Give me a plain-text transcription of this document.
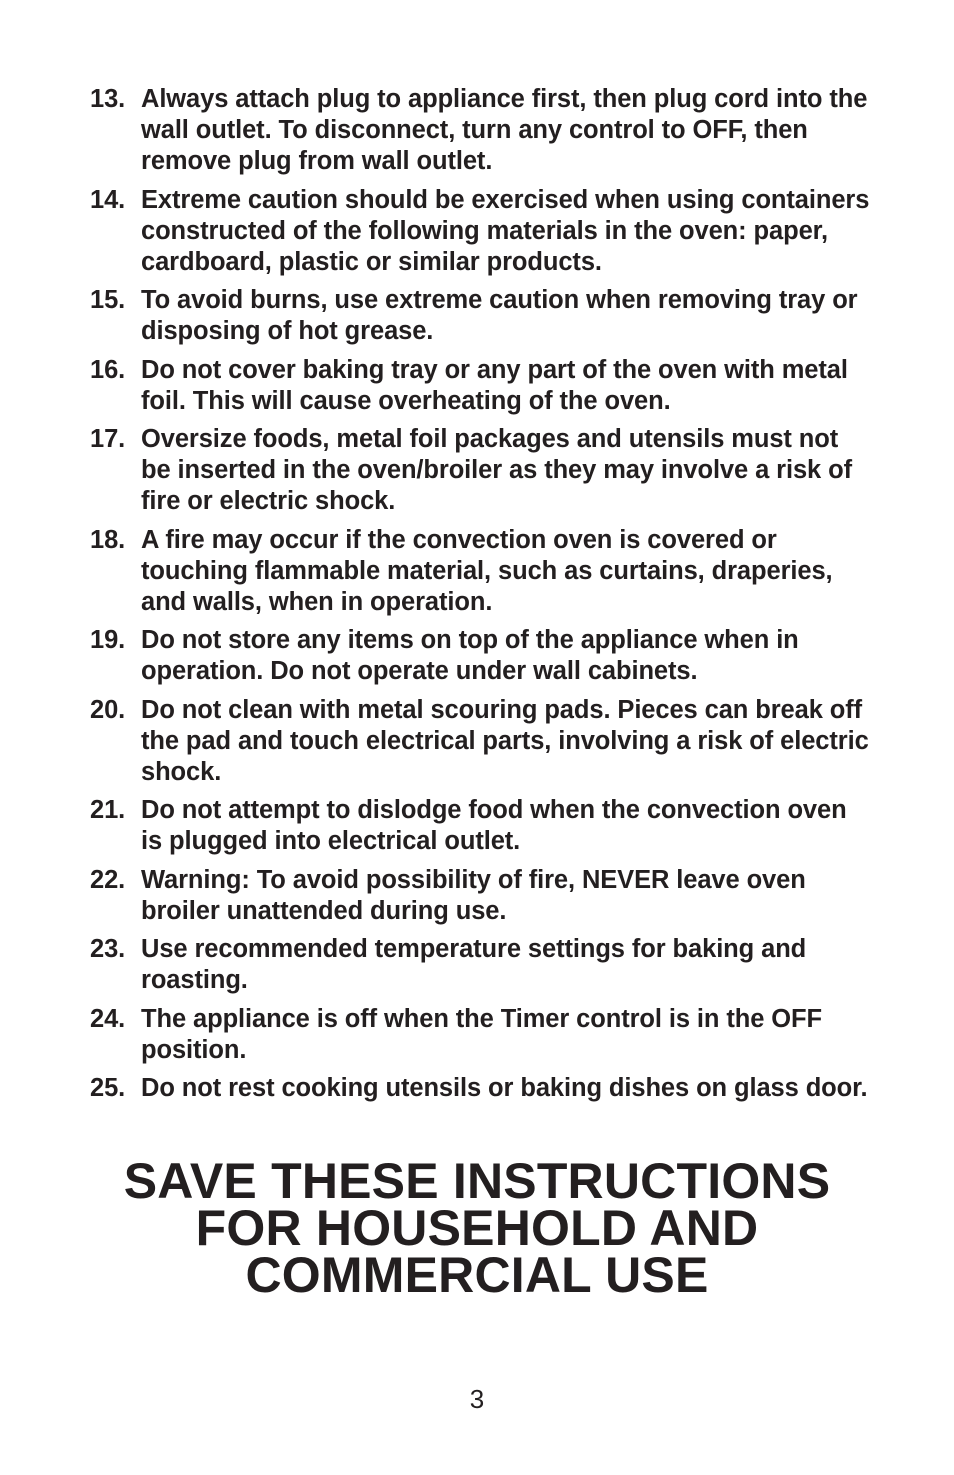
13. Always attach plug to appliance first, then plug cord into the wall outlet. To disconnect, turn any control to OFF, then remove plug from wall outlet.
14. Extreme caution should be exercised when using containers constructed of the following materials in the oven: paper, cardboard, plastic or similar products.
15. To avoid burns, use extreme caution when removing tray or disposing of hot grease.
16. Do not cover baking tray or any part of the oven with metal foil. This will cause overheating of the oven.
17. Oversize foods, metal foil packages and utensils must not be inserted in the oven/broiler as they may involve a risk of fire or electric shock.
18. A fire may occur if the convection oven is covered or touching flammable material, such as curtains, draperies, and walls, when in operation.
19. Do not store any items on top of the appliance when in operation. Do not operate under wall cabinets.
20. Do not clean with metal scouring pads. Pieces can break off the pad and touch electrical parts, involving a risk of electric shock.
21. Do not attempt to dislodge food when the convection oven is plugged into electrical outlet.
22. Warning: To avoid possibility of fire, NEVER leave oven broiler unattended during use.
23. Use recommended temperature settings for baking and roasting.
24. The appliance is off when the Timer control is in the OFF position.
25. Do not rest cooking utensils or baking dishes on glass door.
SAVE THESE INSTRUCTIONS
FOR HOUSEHOLD AND
COMMERCIAL USE
3
